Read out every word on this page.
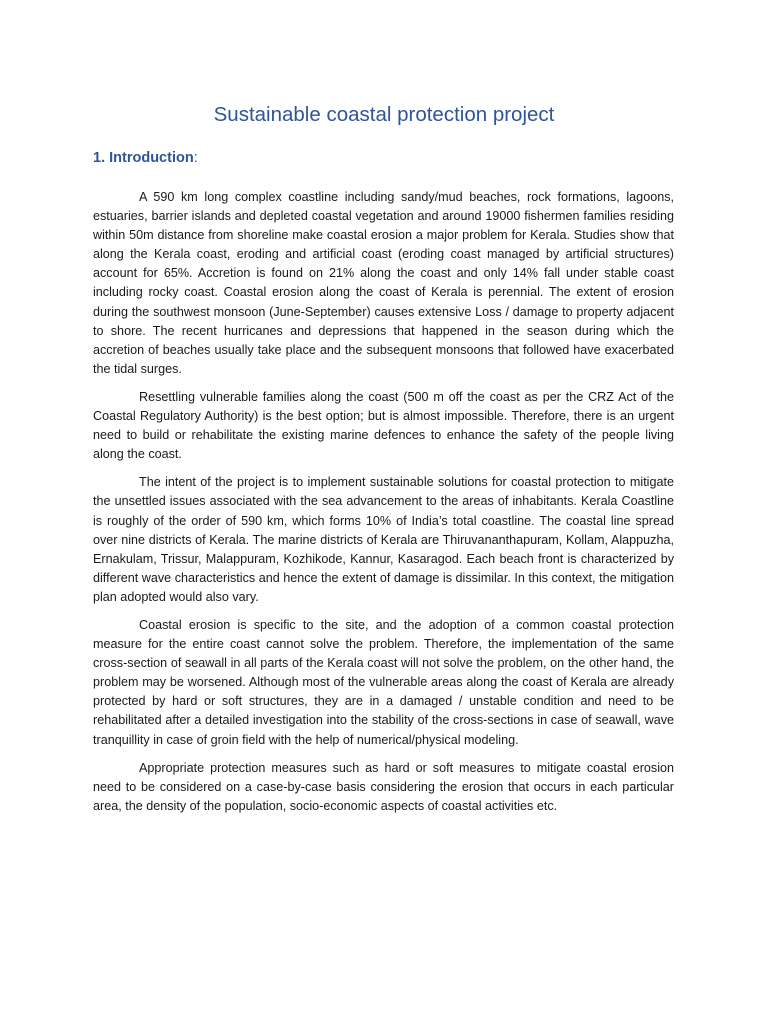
Sustainable coastal protection project
1. Introduction:

A 590 km long complex coastline including sandy/mud beaches, rock formations, lagoons, estuaries, barrier islands and depleted coastal vegetation and around 19000 fishermen families residing within 50m distance from shoreline make coastal erosion a major problem for Kerala. Studies show that along the Kerala coast, eroding and artificial coast (eroding coast managed by artificial structures) account for 65%. Accretion is found on 21% along the coast and only 14% fall under stable coast including rocky coast. Coastal erosion along the coast of Kerala is perennial. The extent of erosion during the southwest monsoon (June-September) causes extensive Loss / damage to property adjacent to shore. The recent hurricanes and depressions that happened in the season during which the accretion of beaches usually take place and the subsequent monsoons that followed have exacerbated the tidal surges.

Resettling vulnerable families along the coast (500 m off the coast as per the CRZ Act of the Coastal Regulatory Authority) is the best option; but is almost impossible. Therefore, there is an urgent need to build or rehabilitate the existing marine defences to enhance the safety of the people living along the coast.

The intent of the project is to implement sustainable solutions for coastal protection to mitigate the unsettled issues associated with the sea advancement to the areas of inhabitants. Kerala Coastline is roughly of the order of 590 km, which forms 10% of India’s total coastline. The coastal line spread over nine districts of Kerala. The marine districts of Kerala are Thiruvananthapuram, Kollam, Alappuzha, Ernakulam, Trissur, Malappuram, Kozhikode, Kannur, Kasaragod. Each beach front is characterized by different wave characteristics and hence the extent of damage is dissimilar. In this context, the mitigation plan adopted would also vary.

Coastal erosion is specific to the site, and the adoption of a common coastal protection measure for the entire coast cannot solve the problem. Therefore, the implementation of the same cross-section of seawall in all parts of the Kerala coast will not solve the problem, on the other hand, the problem may be worsened. Although most of the vulnerable areas along the coast of Kerala are already protected by hard or soft structures, they are in a damaged / unstable condition and need to be rehabilitated after a detailed investigation into the stability of the cross-sections in case of seawall, wave tranquillity in case of groin field with the help of numerical/physical modeling.

Appropriate protection measures such as hard or soft measures to mitigate coastal erosion need to be considered on a case-by-case basis considering the erosion that occurs in each particular area, the density of the population, socio-economic aspects of coastal activities etc.
